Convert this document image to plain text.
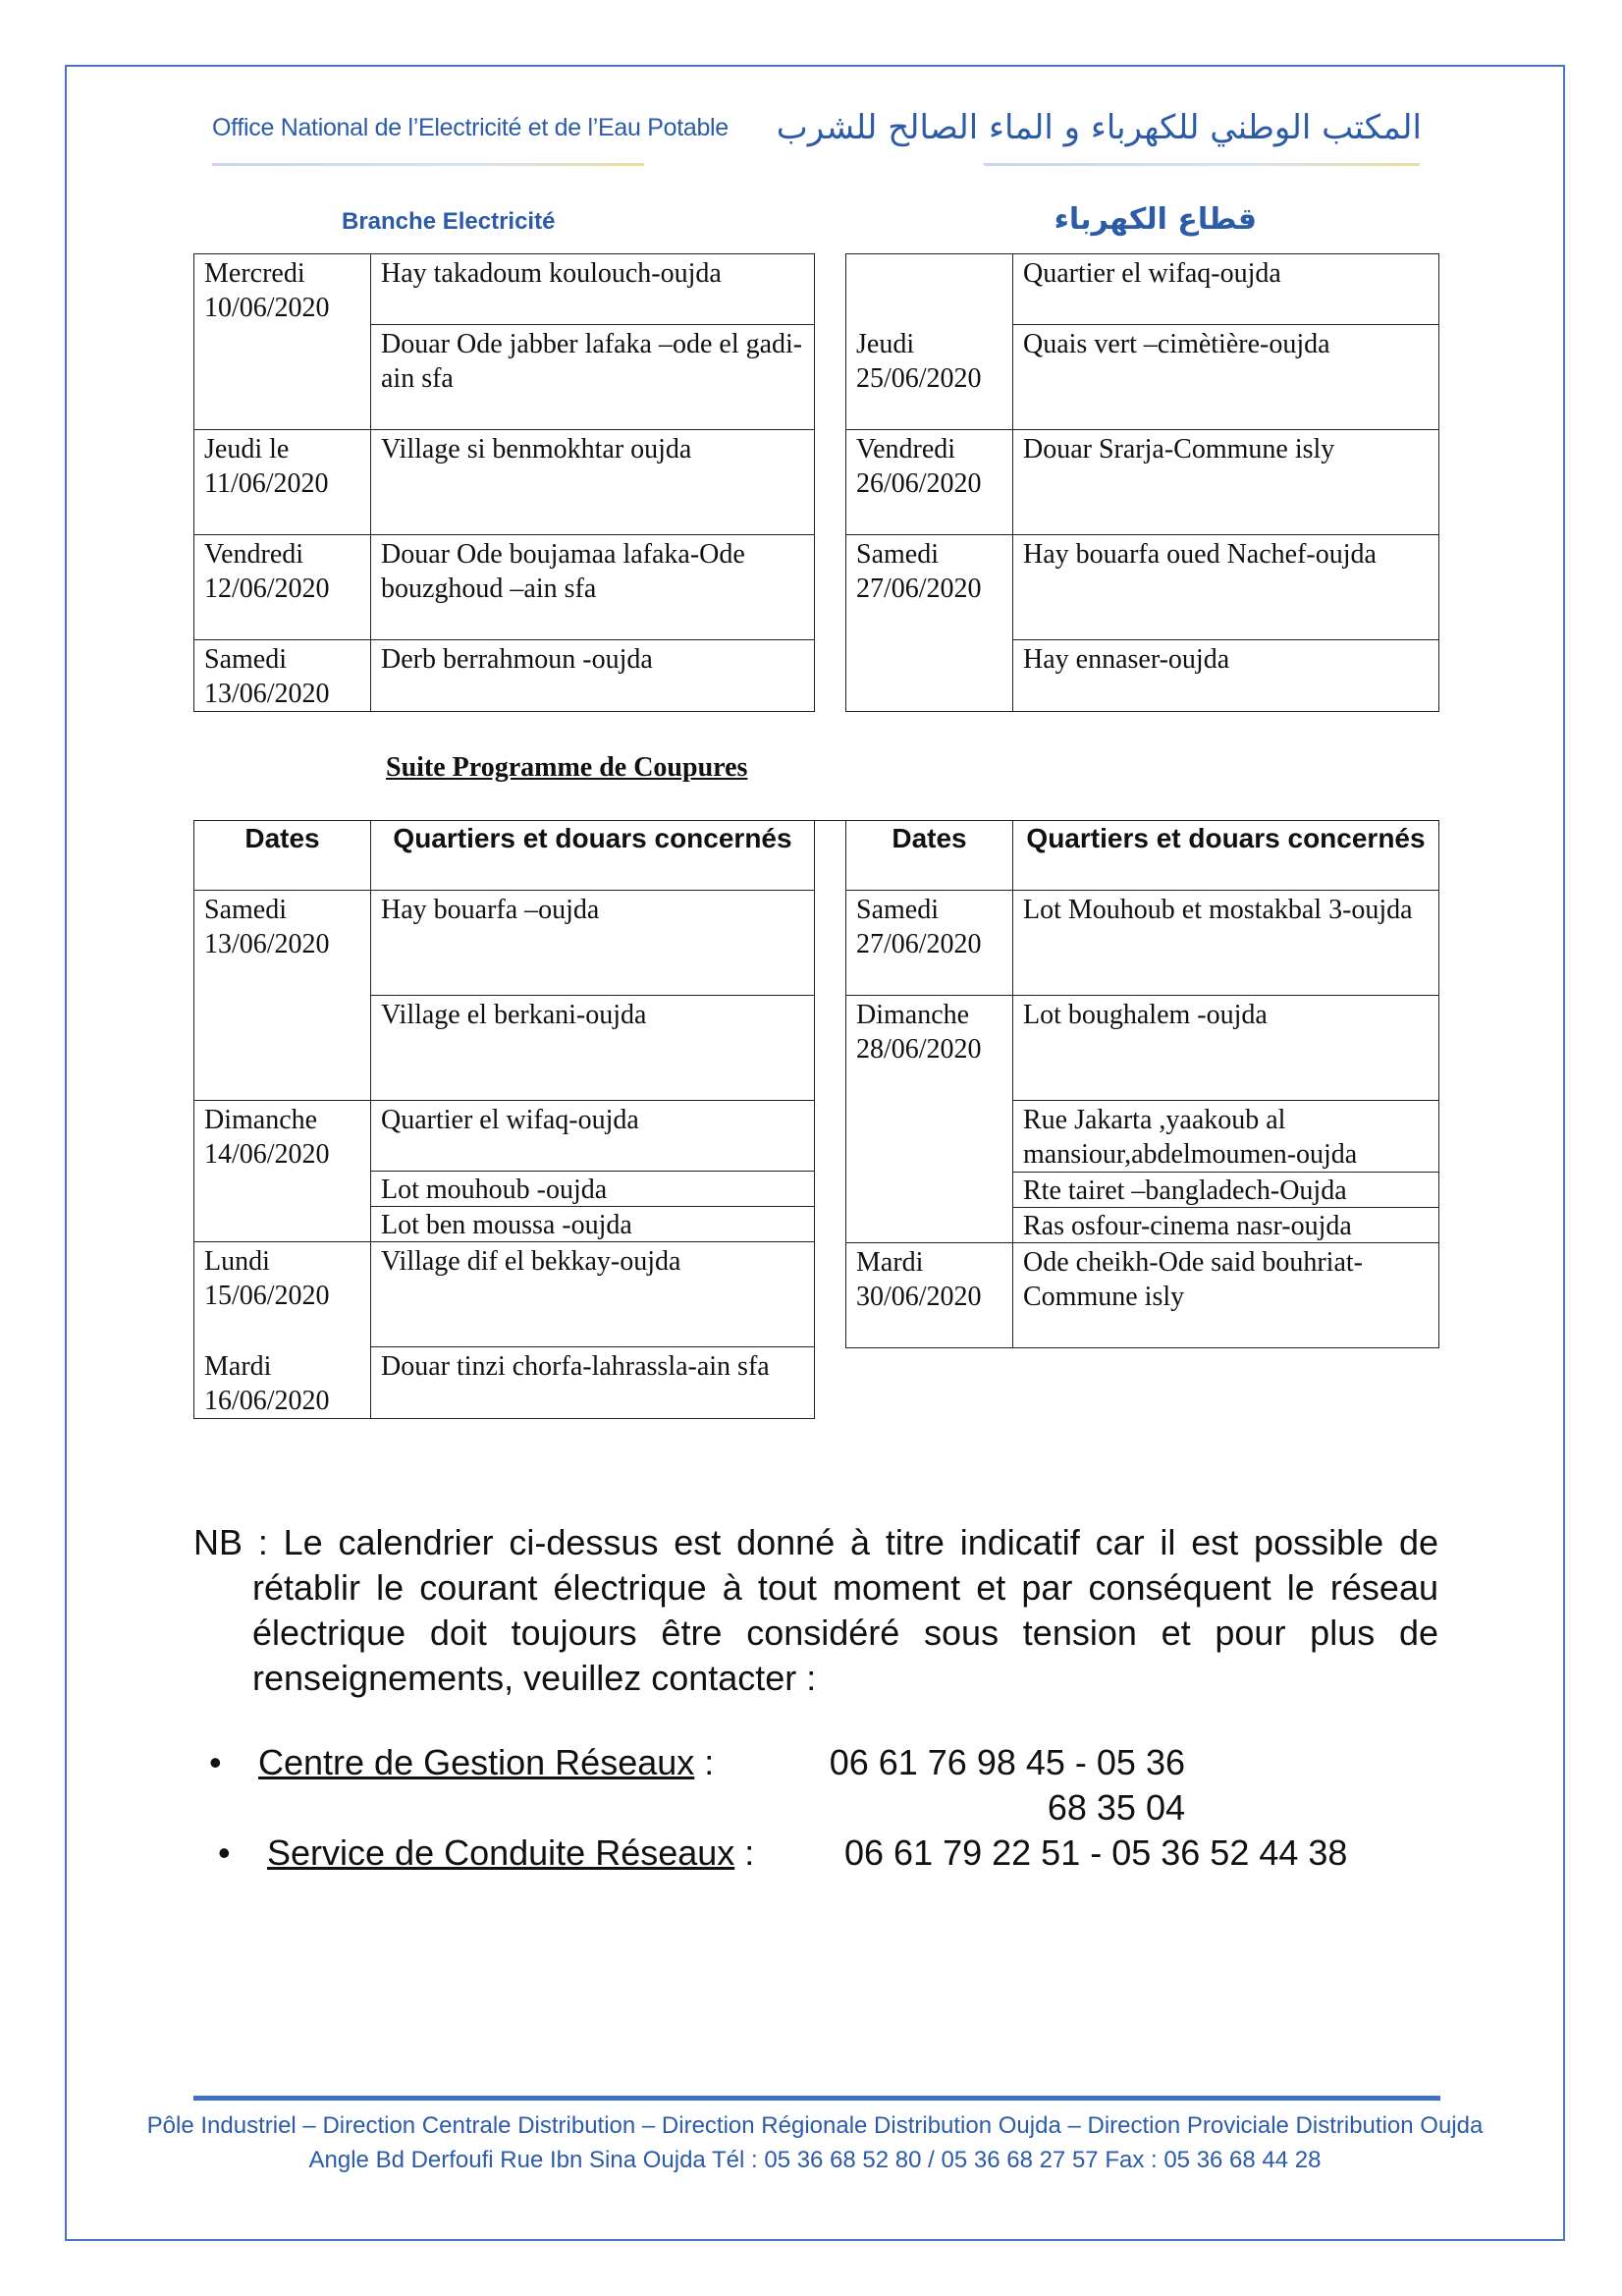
Office National de l’Electricité et de l’Eau Potable المكتب الوطني للكهرباء و الماء الصالح للشرب
Branche Electricité	قطاع الكهرباء
Mercredi 10/06/2020	Hay takadoum koulouch-oujda			Quartier el wifaq-oujda
	Douar Ode jabber lafaka –ode el gadi-ain sfa		Jeudi 25/06/2020	Quais vert –cimètière-oujda
Jeudi le 11/06/2020	Village si benmokhtar oujda		Vendredi 26/06/2020	Douar Srarja-Commune isly
Vendredi 12/06/2020	Douar Ode boujamaa lafaka-Ode bouzghoud –ain sfa		Samedi 27/06/2020	Hay bouarfa oued Nachef-oujda
Samedi 13/06/2020	Derb berrahmoun -oujda			Hay ennaser-oujda
Suite Programme de Coupures
Dates	Quartiers et douars concernés
Samedi 13/06/2020	Hay bouarfa –oujda
	Village el berkani-oujda
Dimanche 14/06/2020	Quartier el wifaq-oujda
	Lot mouhoub -oujda
	Lot ben moussa -oujda
Lundi 15/06/2020	Village dif el bekkay-oujda
Mardi 16/06/2020	Douar tinzi chorfa-lahrassla-ain sfa
	Dates	Quartiers et douars concernés
	Samedi 27/06/2020	Lot Mouhoub et mostakbal 3-oujda
	Dimanche 28/06/2020	Lot boughalem -oujda
		Rue Jakarta ,yaakoub al mansiour,abdelmoumen-oujda
		Rte tairet –bangladech-Oujda
		Ras osfour-cinema nasr-oujda
	Mardi 30/06/2020	Ode cheikh-Ode said bouhriat-Commune isly
NB : Le calendrier ci-dessus est donné à titre indicatif car il est possible de rétablir le courant électrique à tout moment et par conséquent le réseau électrique doit toujours être considéré sous tension et pour plus de renseignements, veuillez contacter :
• Centre de Gestion Réseaux :	06 61 76 98 45 - 05 36 68 35 04
• Service de Conduite Réseaux :	06 61 79 22 51 - 05 36 52 44 38
Pôle Industriel – Direction Centrale Distribution – Direction Régionale Distribution Oujda – Direction Proviciale Distribution Oujda
Angle Bd Derfoufi Rue Ibn Sina Oujda Tél : 05 36 68 52 80 / 05 36 68 27 57 Fax : 05 36 68 44 28
